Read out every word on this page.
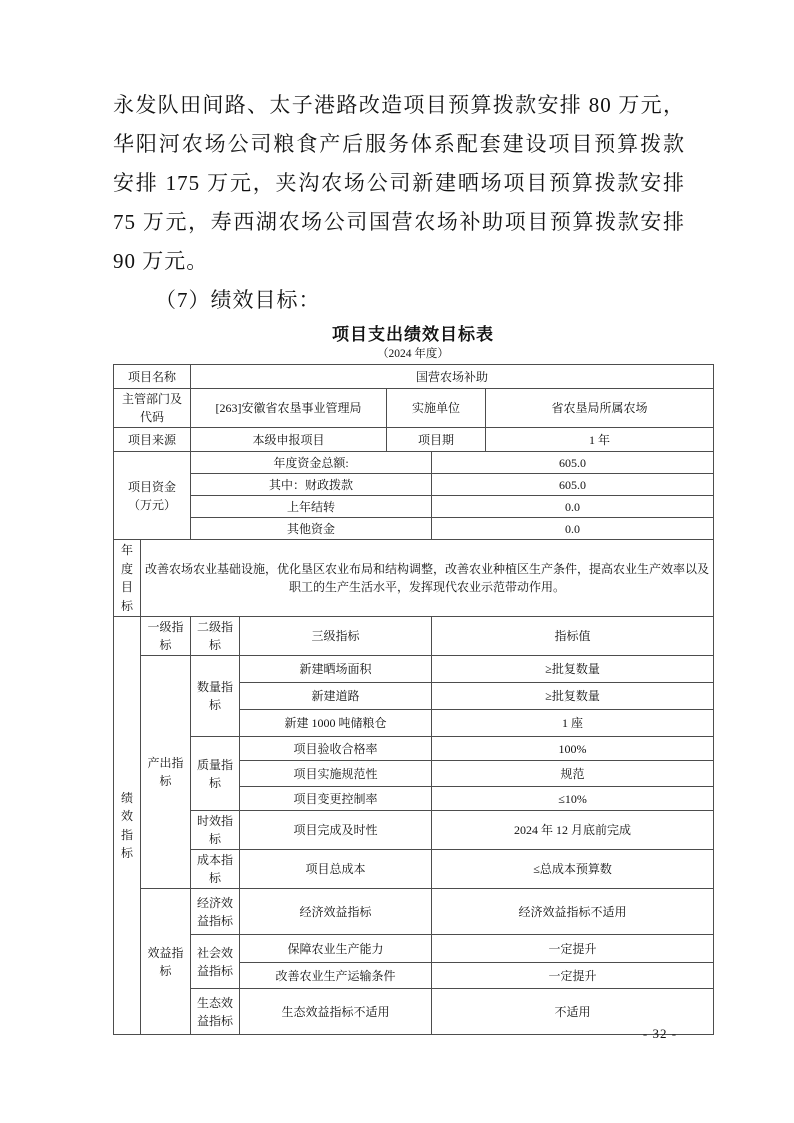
永发队田间路、太子港路改造项目预算拨款安排 80 万元，
华阳河农场公司粮食产后服务体系配套建设项目预算拨款
安排 175 万元，夹沟农场公司新建晒场项目预算拨款安排
75 万元，寿西湖农场公司国营农场补助项目预算拨款安排
90 万元。
（7）绩效目标：
项目支出绩效目标表
（2024 年度）
项目名称		国营农场补助				
主管部门及代码		[263]安徽省农垦事业管理局		实施单位		省农垦局所属农场
项目来源		本级申报项目		项目期		1 年
项目资金（万元）		年度资金总额:			605.0	
		其中：财政拨款			605.0	
		上年结转			0.0	
		其他资金			0.0	
年度目标	改善农场农业基础设施，优化垦区农业布局和结构调整，改善农业种植区生产条件，提高农业生产效率以及职工的生产生活水平，发挥现代农业示范带动作用。					
绩效指标	一级指标	二级指标	三级指标		指标值	
	产出指标	数量指标	新建晒场面积		≥批复数量	
			新建道路		≥批复数量	
			新建 1000 吨储粮仓		1 座	
		质量指标	项目验收合格率		100%	
			项目实施规范性		规范	
			项目变更控制率		≤10%	
		时效指标	项目完成及时性		2024 年 12 月底前完成	
		成本指标	项目总成本		≤总成本预算数	
	效益指标	经济效益指标	经济效益指标		经济效益指标不适用	
		社会效益指标	保障农业生产能力		一定提升	
			改善农业生产运输条件		一定提升	
		生态效益指标	生态效益指标不适用		不适用	
- 32 -
